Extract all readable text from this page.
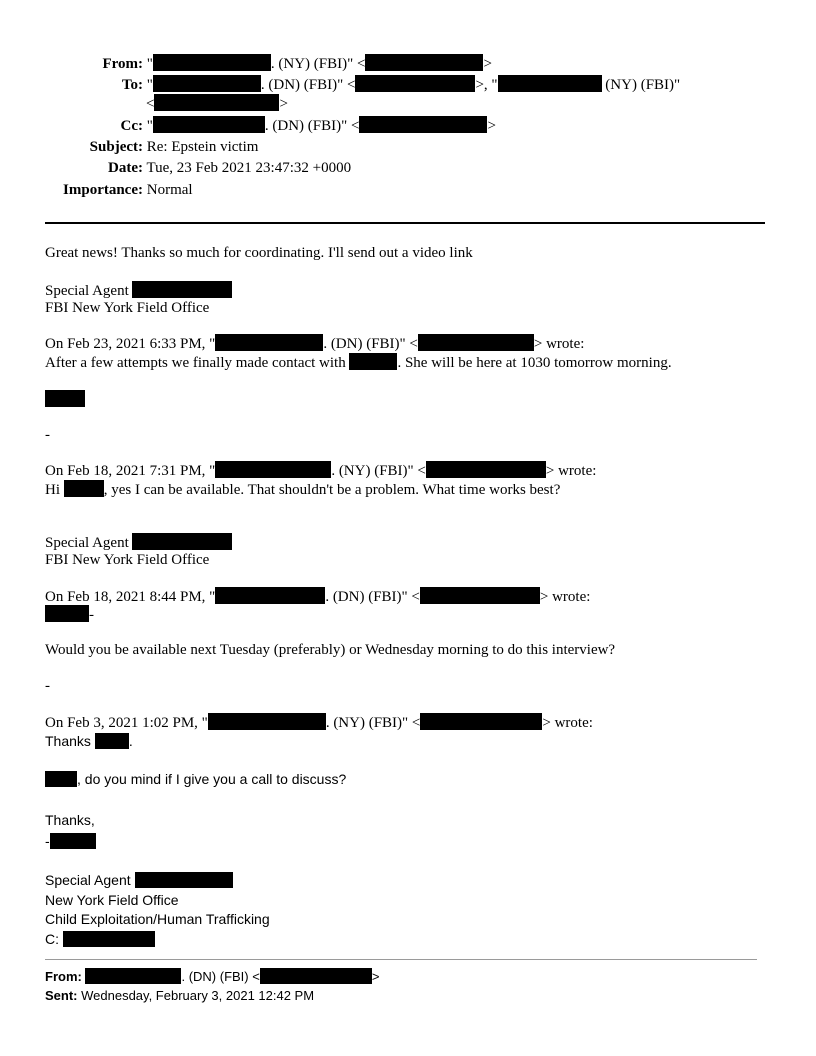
From: "	. (NY) (FBI)" <	>
To: "	. (DN) (FBI)" <	>, "	(NY) (FBI)"
<	>
Cc: "	. (DN) (FBI)" <	>
Subject: Re: Epstein victim
Date: Tue, 23 Feb 2021 23:47:32 +0000
Importance: Normal
Great news! Thanks so much for coordinating. I'll send out a video link
Special Agent
FBI New York Field Office
On Feb 23, 2021 6:33 PM, "	. (DN) (FBI)" <	> wrote:
After a few attempts we finally made contact with	. She will be here at 1030 tomorrow morning.
-
On Feb 18, 2021 7:31 PM, "	. (NY) (FBI)" <	> wrote:
Hi	, yes I can be available. That shouldn't be a problem. What time works best?
Special Agent
FBI New York Field Office
On Feb 18, 2021 8:44 PM, "	. (DN) (FBI)" <	> wrote:
-
Would you be available next Tuesday (preferably) or Wednesday morning to do this interview?
-
On Feb 3, 2021 1:02 PM, "	. (NY) (FBI)" <	> wrote:
Thanks	.
, do you mind if I give you a call to discuss?
Thanks,
-
Special Agent
New York Field Office
Child Exploitation/Human Trafficking
C:
From:	. (DN) (FBI) <	>
Sent: Wednesday, February 3, 2021 12:42 PM
